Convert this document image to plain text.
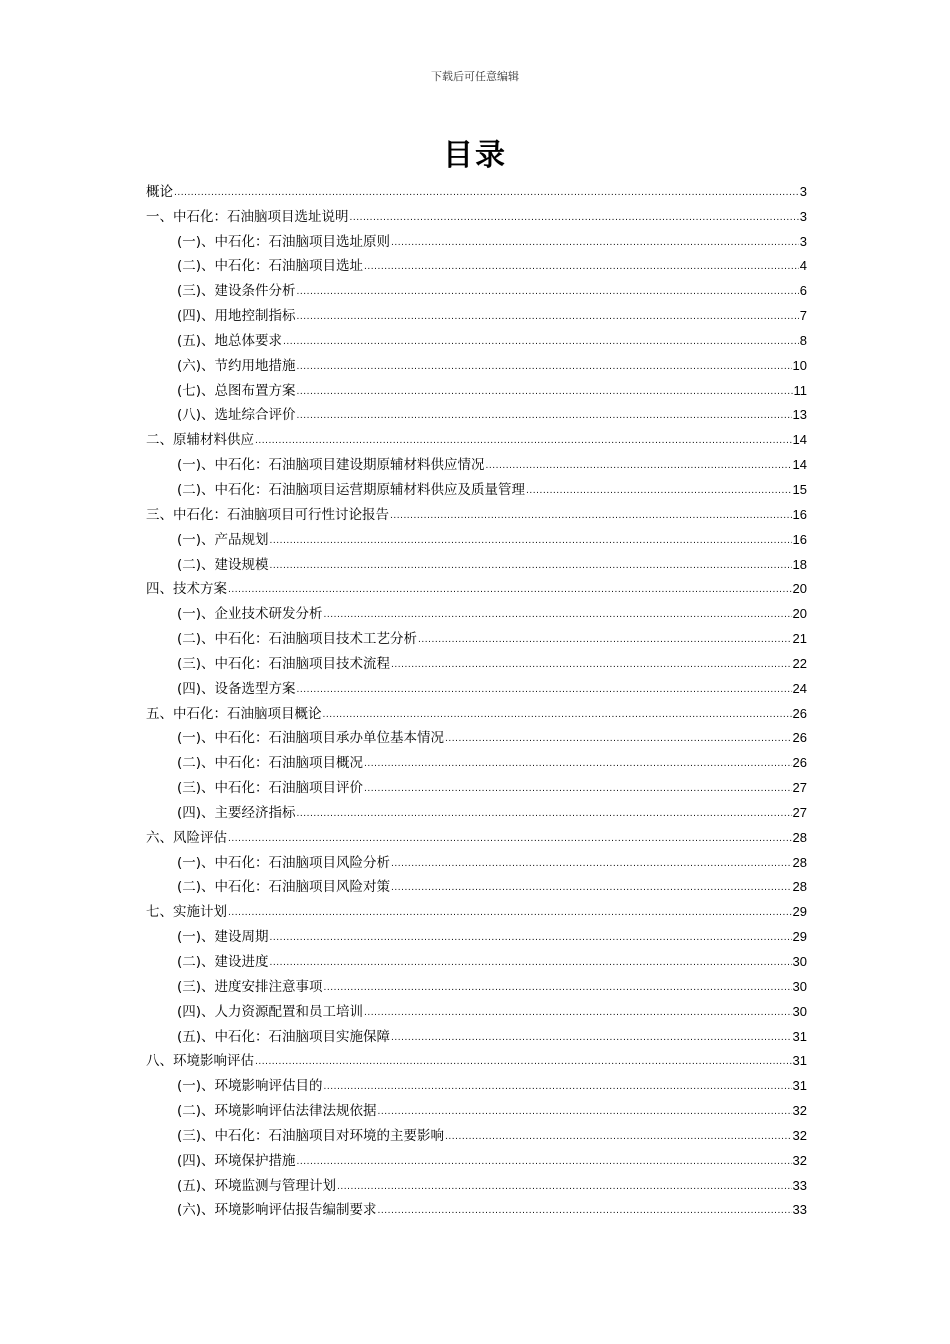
下载后可任意编辑
目录
概论 .....	3
一、中石化：石油脑项目选址说明 .....	3
(一)、中石化：石油脑项目选址原则 .....	3
(二)、中石化：石油脑项目选址 .....	4
(三)、建设条件分析 .....	6
(四)、用地控制指标 .....	7
(五)、地总体要求 .....	8
(六)、节约用地措施 .....	10
(七)、总图布置方案 .....	11
(八)、选址综合评价 .....	13
二、原辅材料供应 .....	14
(一)、中石化：石油脑项目建设期原辅材料供应情况 .....	14
(二)、中石化：石油脑项目运营期原辅材料供应及质量管理 .....	15
三、中石化：石油脑项目可行性讨论报告 .....	16
(一)、产品规划 .....	16
(二)、建设规模 .....	18
四、技术方案 .....	20
(一)、企业技术研发分析 .....	20
(二)、中石化：石油脑项目技术工艺分析 .....	21
(三)、中石化：石油脑项目技术流程 .....	22
(四)、设备选型方案 .....	24
五、中石化：石油脑项目概论 .....	26
(一)、中石化：石油脑项目承办单位基本情况 .....	26
(二)、中石化：石油脑项目概况 .....	26
(三)、中石化：石油脑项目评价 .....	27
(四)、主要经济指标 .....	27
六、风险评估 .....	28
(一)、中石化：石油脑项目风险分析 .....	28
(二)、中石化：石油脑项目风险对策 .....	28
七、实施计划 .....	29
(一)、建设周期 .....	29
(二)、建设进度 .....	30
(三)、进度安排注意事项 .....	30
(四)、人力资源配置和员工培训 .....	30
(五)、中石化：石油脑项目实施保障 .....	31
八、环境影响评估 .....	31
(一)、环境影响评估目的 .....	31
(二)、环境影响评估法律法规依据 .....	32
(三)、中石化：石油脑项目对环境的主要影响 .....	32
(四)、环境保护措施 .....	32
(五)、环境监测与管理计划 .....	33
(六)、环境影响评估报告编制要求 .....	33
